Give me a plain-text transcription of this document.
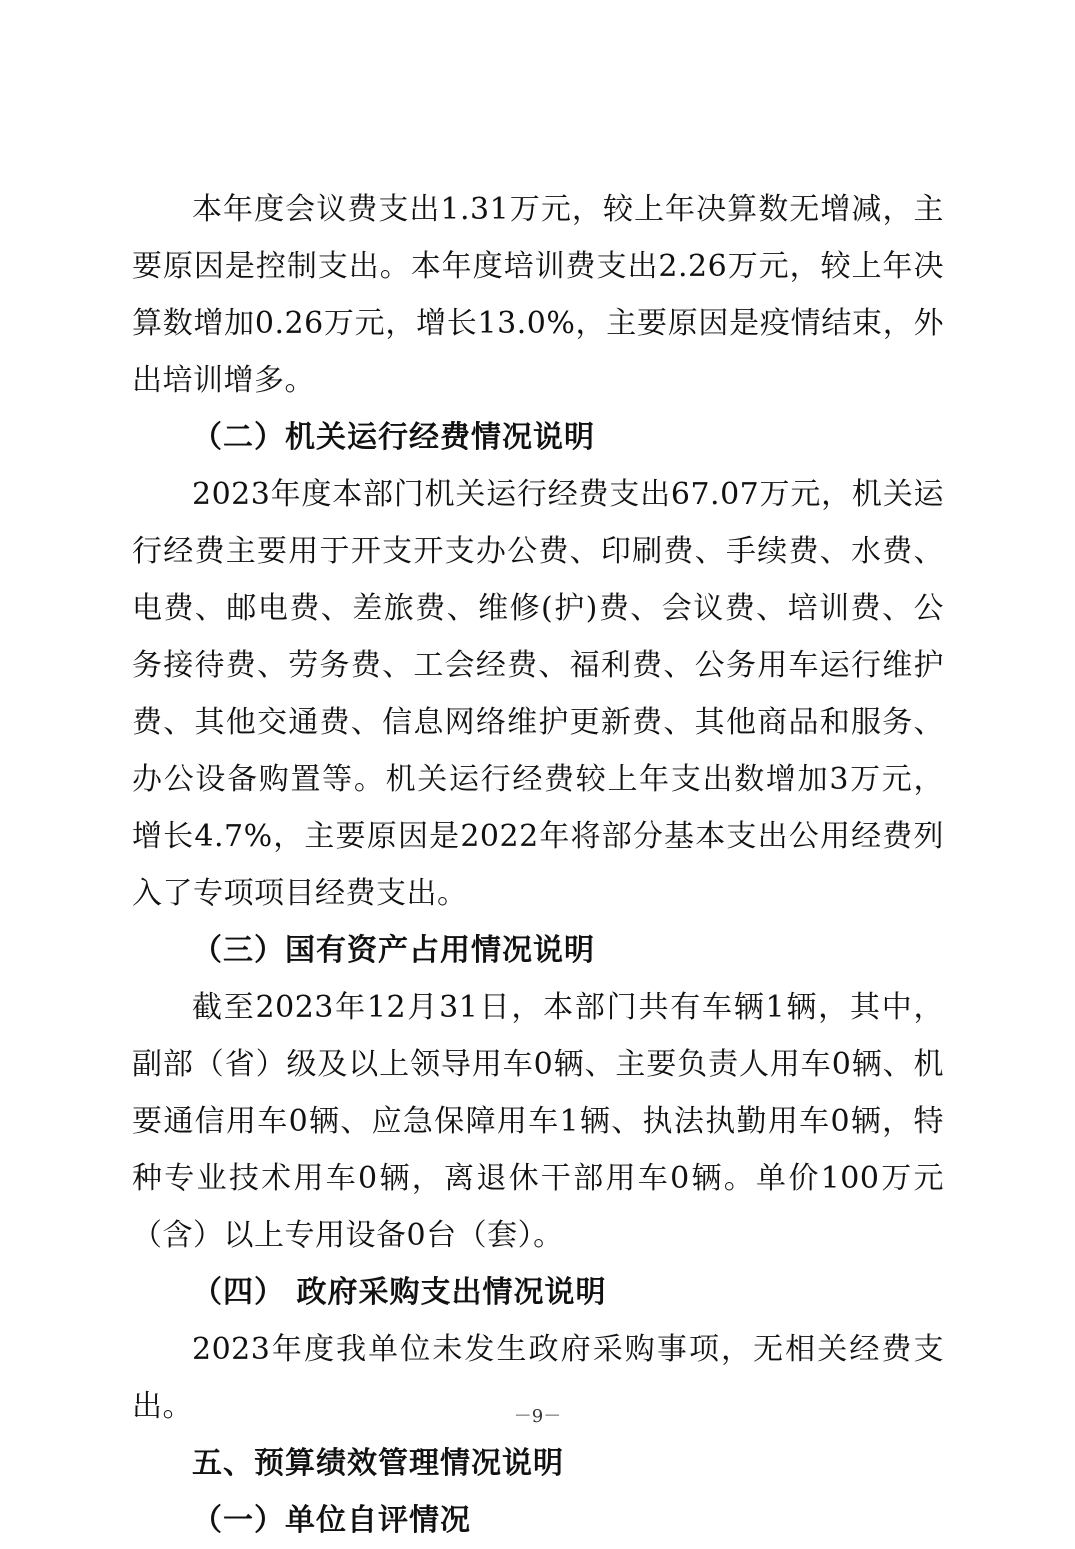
本年度会议费支出1.31万元，较上年决算数无增减，主要原因是控制支出。本年度培训费支出2.26万元，较上年决算数增加0.26万元，增长13.0%，主要原因是疫情结束，外出培训增多。

（二）机关运行经费情况说明

2023年度本部门机关运行经费支出67.07万元，机关运行经费主要用于开支开支办公费、印刷费、手续费、水费、电费、邮电费、差旅费、维修(护)费、会议费、培训费、公务接待费、劳务费、工会经费、福利费、公务用车运行维护费、其他交通费、信息网络维护更新费、其他商品和服务、办公设备购置等。机关运行经费较上年支出数增加3万元，增长4.7%，主要原因是2022年将部分基本支出公用经费列入了专项项目经费支出。

（三）国有资产占用情况说明

截至2023年12月31日，本部门共有车辆1辆，其中，副部（省）级及以上领导用车0辆、主要负责人用车0辆、机要通信用车0辆、应急保障用车1辆、执法执勤用车0辆，特种专业技术用车0辆，离退休干部用车0辆。单价100万元（含）以上专用设备0台（套）。

（四） 政府采购支出情况说明

2023年度我单位未发生政府采购事项，无相关经费支出。

五、预算绩效管理情况说明

（一）单位自评情况

－9－
